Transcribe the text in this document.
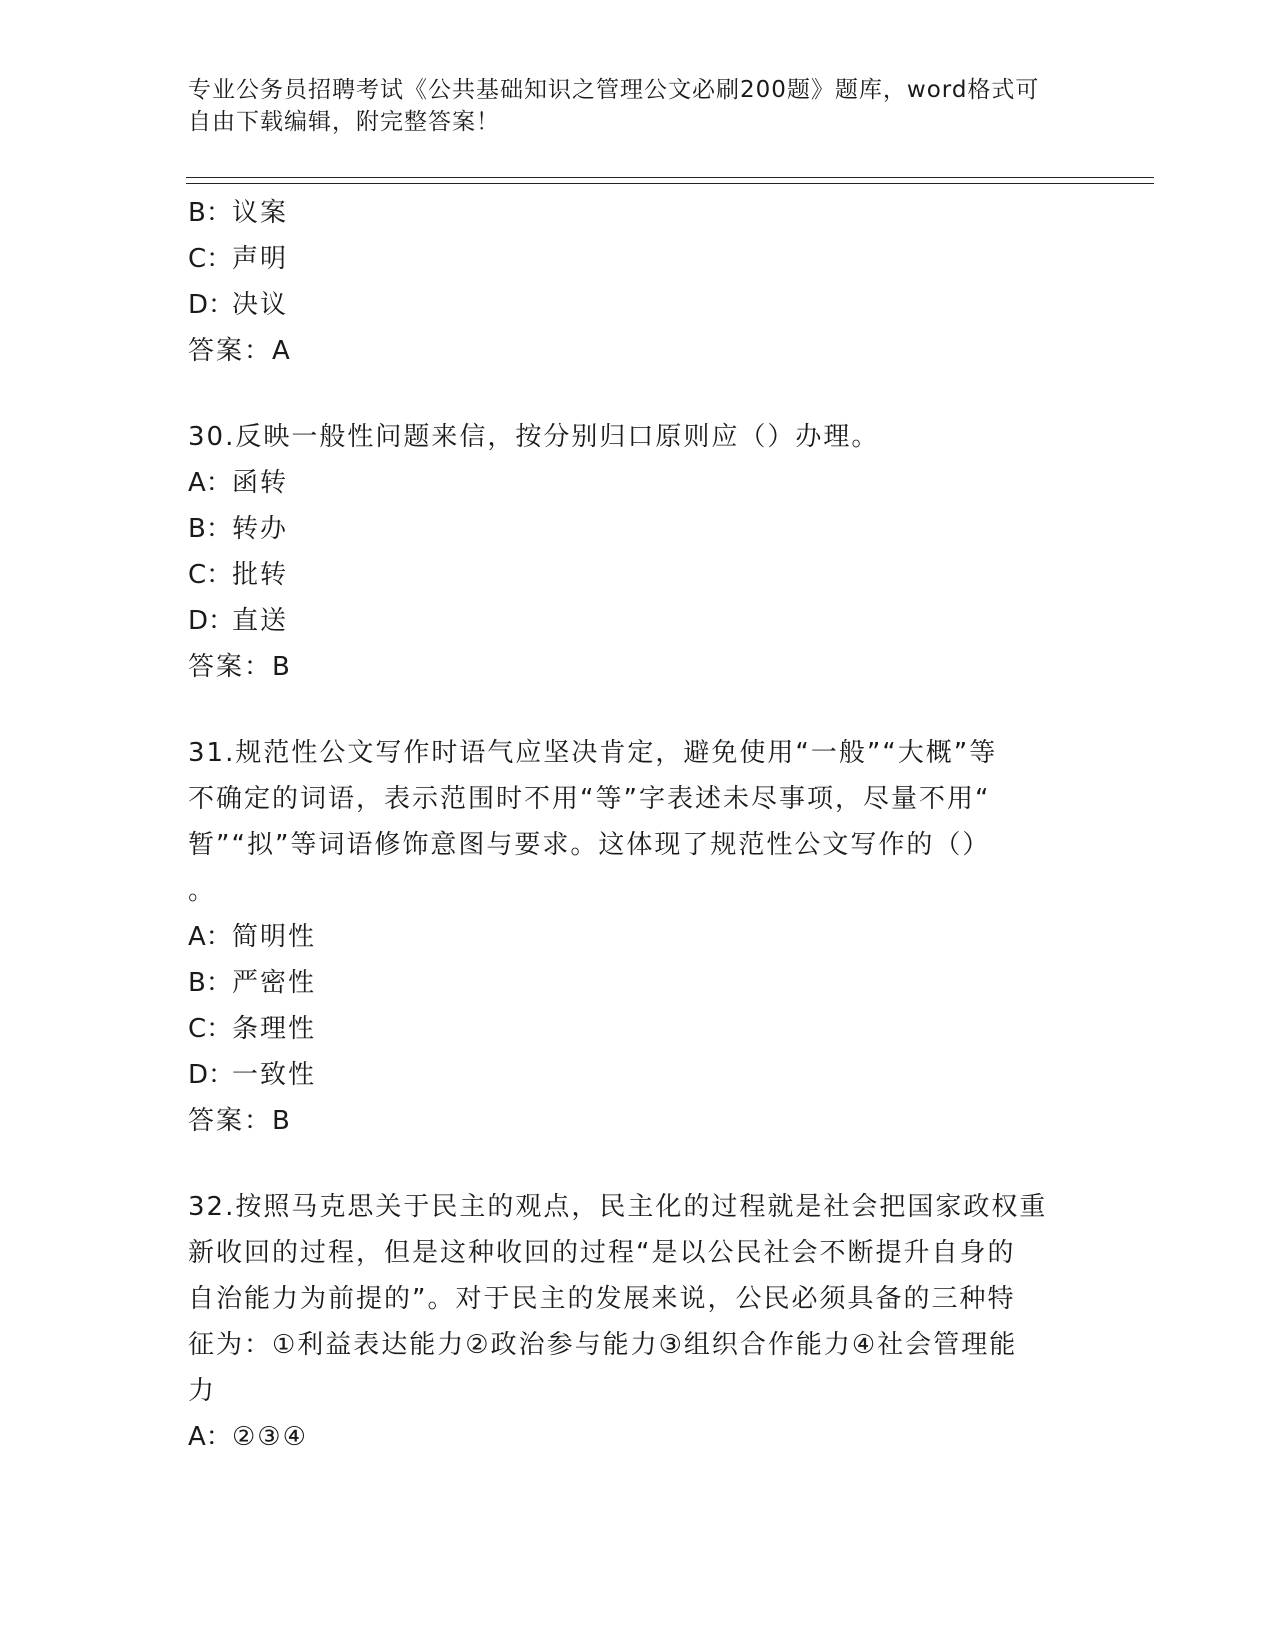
专业公务员招聘考试《公共基础知识之管理公文必刷200题》题库，word格式可
自由下载编辑，附完整答案！
B：议案
C：声明
D：决议
答案：A
30.反映一般性问题来信，按分别归口原则应（）办理。
A：函转
B：转办
C：批转
D：直送
答案：B
31.规范性公文写作时语气应坚决肯定，避免使用“一般”“大概”等
不确定的词语，表示范围时不用“等”字表述未尽事项，尽量不用“
暂”“拟”等词语修饰意图与要求。这体现了规范性公文写作的（）
。
A：简明性
B：严密性
C：条理性
D：一致性
答案：B
32.按照马克思关于民主的观点，民主化的过程就是社会把国家政权重
新收回的过程，但是这种收回的过程“是以公民社会不断提升自身的
自治能力为前提的”。对于民主的发展来说，公民必须具备的三种特
征为：①利益表达能力②政治参与能力③组织合作能力④社会管理能
力
A：②③④
